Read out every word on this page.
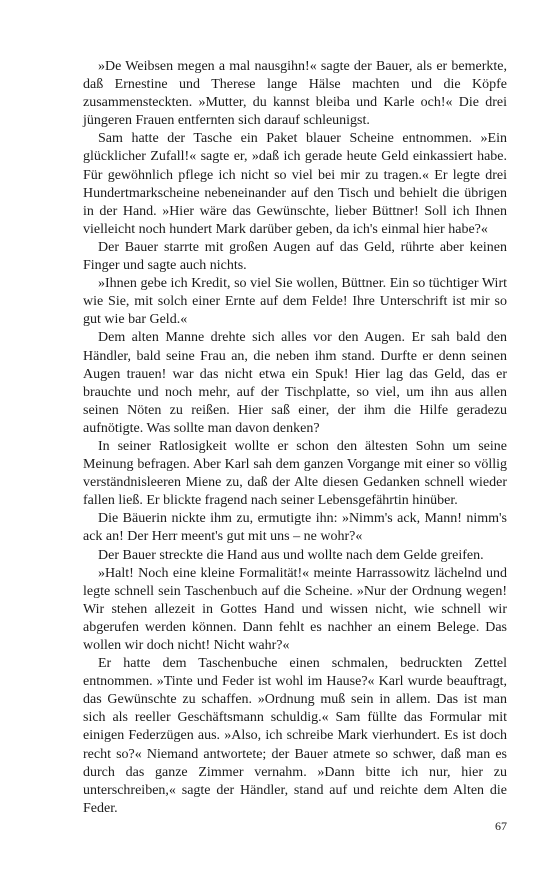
»De Weibsen megen a mal nausgihn!« sagte der Bauer, als er bemerkte, daß Ernestine und Therese lange Hälse machten und die Köpfe zusammensteckten. »Mutter, du kannst bleiba und Karle och!« Die drei jüngeren Frauen entfernten sich darauf schleunigst.

Sam hatte der Tasche ein Paket blauer Scheine entnommen. »Ein glücklicher Zufall!« sagte er, »daß ich gerade heute Geld einkassiert habe. Für gewöhnlich pflege ich nicht so viel bei mir zu tragen.« Er legte drei Hundertmarkscheine nebeneinander auf den Tisch und behielt die übrigen in der Hand. »Hier wäre das Gewünschte, lieber Büttner! Soll ich Ihnen vielleicht noch hundert Mark darüber geben, da ich's einmal hier habe?«

Der Bauer starrte mit großen Augen auf das Geld, rührte aber keinen Finger und sagte auch nichts.

»Ihnen gebe ich Kredit, so viel Sie wollen, Büttner. Ein so tüchtiger Wirt wie Sie, mit solch einer Ernte auf dem Felde! Ihre Unterschrift ist mir so gut wie bar Geld.«

Dem alten Manne drehte sich alles vor den Augen. Er sah bald den Händler, bald seine Frau an, die neben ihm stand. Durfte er denn seinen Augen trauen! war das nicht etwa ein Spuk! Hier lag das Geld, das er brauchte und noch mehr, auf der Tischplatte, so viel, um ihn aus allen seinen Nöten zu reißen. Hier saß einer, der ihm die Hilfe geradezu aufnötigte. Was sollte man davon denken?

In seiner Ratlosigkeit wollte er schon den ältesten Sohn um seine Meinung befragen. Aber Karl sah dem ganzen Vorgange mit einer so völlig verständnisleeren Miene zu, daß der Alte diesen Gedanken schnell wieder fallen ließ. Er blickte fragend nach seiner Lebensgefährtin hinüber.

Die Bäuerin nickte ihm zu, ermutigte ihn: »Nimm's ack, Mann! nimm's ack an! Der Herr meent's gut mit uns – ne wohr?«

Der Bauer streckte die Hand aus und wollte nach dem Gelde greifen.

»Halt! Noch eine kleine Formalität!« meinte Harrassowitz lächelnd und legte schnell sein Taschenbuch auf die Scheine. »Nur der Ordnung wegen! Wir stehen allezeit in Gottes Hand und wissen nicht, wie schnell wir abgerufen werden können. Dann fehlt es nachher an einem Belege. Das wollen wir doch nicht! Nicht wahr?«

Er hatte dem Taschenbuche einen schmalen, bedruckten Zettel entnommen. »Tinte und Feder ist wohl im Hause?« Karl wurde beauftragt, das Gewünschte zu schaffen. »Ordnung muß sein in allem. Das ist man sich als reeller Geschäftsmann schuldig.« Sam füllte das Formular mit einigen Federzügen aus. »Also, ich schreibe Mark vierhundert. Es ist doch recht so?« Niemand antwortete; der Bauer atmete so schwer, daß man es durch das ganze Zimmer vernahm. »Dann bitte ich nur, hier zu unterschreiben,« sagte der Händler, stand auf und reichte dem Alten die Feder.

67
